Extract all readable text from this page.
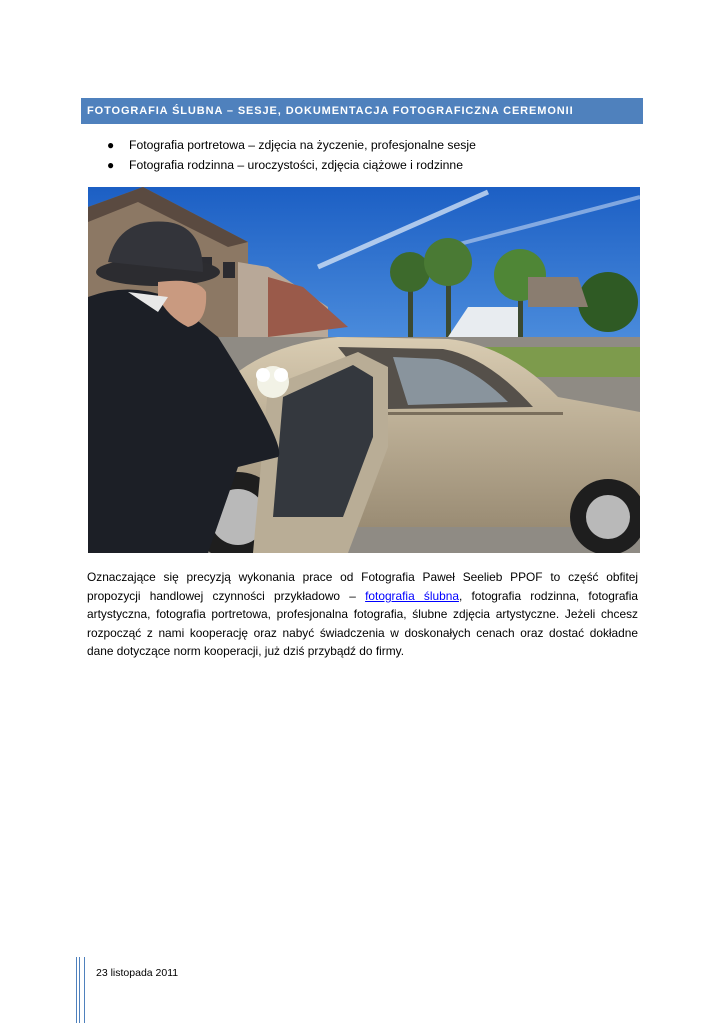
FOTOGRAFIA ŚLUBNA – SESJE, DOKUMENTACJA FOTOGRAFICZNA CEREMONII
●	Fotografia portretowa – zdjęcia na życzenie, profesjonalne sesje
●	Fotografia rodzinna – uroczystości, zdjęcia ciążowe i rodzinne

Oznaczające się precyzją wykonania prace od Fotografia Paweł Seelieb PPOF to część obfitej propozycji handlowej czynności przykładowo – fotografia ślubna, fotografia rodzinna, fotografia artystyczna, fotografia portretowa, profesjonalna fotografia, ślubne zdjęcia artystyczne. Jeżeli chcesz rozpocząć z nami kooperację oraz nabyć świadczenia w doskonałych cenach oraz dostać dokładne dane dotyczące norm kooperacji, już dziś przybądź do firmy.

23 listopada 2011
